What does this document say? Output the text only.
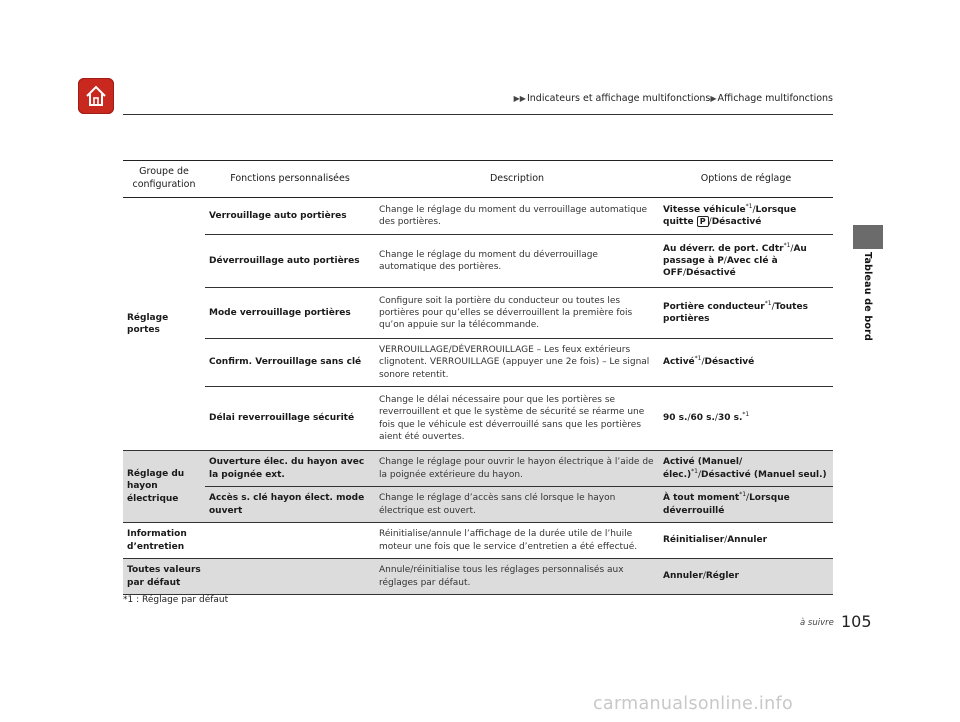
▶▶Indicateurs et affichage multifonctions▶Affichage multifonctions
Tableau de bord
Groupe de configuration	Fonctions personnalisées	Description	Options de réglage
Réglage portes	Verrouillage auto portières	Change le réglage du moment du verrouillage automatique des portières.	Vitesse véhicule$^{*1}$/Lorsque quitte P /Désactivé
	Déverrouillage auto portières	Change le réglage du moment du déverrouillage automatique des portières.	Au déverr. de port. Cdtr$^{*1}$/Au passage à P/Avec clé à OFF/Désactivé
	Mode verrouillage portières	Configure soit la portière du conducteur ou toutes les portières pour qu’elles se déverrouillent la première fois qu’on appuie sur la télécommande.	Portière conducteur$^{*1}$/Toutes portières
	Confirm. Verrouillage sans clé	VERROUILLAGE/DÉVERROUILLAGE – Les feux extérieurs clignotent. VERROUILLAGE (appuyer une 2e fois) – Le signal sonore retentit.	Activé$^{*1}$/Désactivé
	Délai reverrouillage sécurité	Change le délai nécessaire pour que les portières se reverrouillent et que le système de sécurité se réarme une fois que le véhicule est déverrouillé sans que les portières aient été ouvertes.	90 s./60 s./30 s.$^{*1}$
Réglage du hayon électrique	Ouverture élec. du hayon avec la poignée ext.	Change le réglage pour ouvrir le hayon électrique à l’aide de la poignée extérieure du hayon.	Activé (Manuel/élec.)$^{*1}$/Désactivé (Manuel seul.)
	Accès s. clé hayon élect. mode ouvert	Change le réglage d’accès sans clé lorsque le hayon électrique est ouvert.	À tout moment$^{*1}$/Lorsque déverrouillé
Information d’entretien		Réinitialise/annule l’affichage de la durée utile de l’huile moteur une fois que le service d’entretien a été effectué.	Réinitialiser/Annuler
Toutes valeurs par défaut		Annule/réinitialise tous les réglages personnalisés aux réglages par défaut.	Annuler/Régler
*1 : Réglage par défaut
à suivre 105
carmanualsonline.info
